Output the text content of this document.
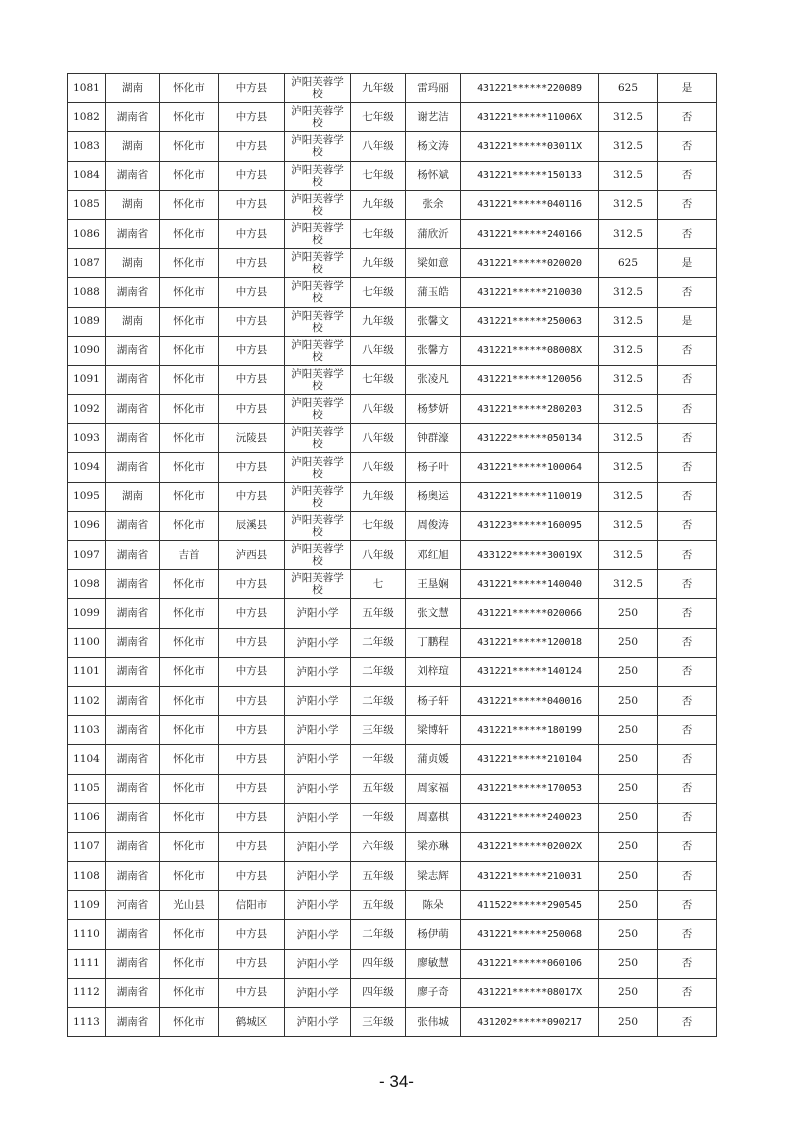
1081	湖南	怀化市	中方县	泸阳芙蓉学校	九年级	雷玛丽	431221******220089	625	是
1082	湖南省	怀化市	中方县	泸阳芙蓉学校	七年级	谢艺洁	431221******11006X	312.5	否
1083	湖南	怀化市	中方县	泸阳芙蓉学校	八年级	杨文涛	431221******03011X	312.5	否
1084	湖南省	怀化市	中方县	泸阳芙蓉学校	七年级	杨怀斌	431221******150133	312.5	否
1085	湖南	怀化市	中方县	泸阳芙蓉学校	九年级	张余	431221******040116	312.5	否
1086	湖南省	怀化市	中方县	泸阳芙蓉学校	七年级	蒲欣沂	431221******240166	312.5	否
1087	湖南	怀化市	中方县	泸阳芙蓉学校	九年级	梁如意	431221******020020	625	是
1088	湖南省	怀化市	中方县	泸阳芙蓉学校	七年级	蒲玉皓	431221******210030	312.5	否
1089	湖南	怀化市	中方县	泸阳芙蓉学校	九年级	张馨文	431221******250063	312.5	是
1090	湖南省	怀化市	中方县	泸阳芙蓉学校	八年级	张馨方	431221******08008X	312.5	否
1091	湖南省	怀化市	中方县	泸阳芙蓉学校	七年级	张凌凡	431221******120056	312.5	否
1092	湖南省	怀化市	中方县	泸阳芙蓉学校	八年级	杨梦妍	431221******280203	312.5	否
1093	湖南省	怀化市	沅陵县	泸阳芙蓉学校	八年级	钟群濠	431222******050134	312.5	否
1094	湖南省	怀化市	中方县	泸阳芙蓉学校	八年级	杨子叶	431221******100064	312.5	否
1095	湖南	怀化市	中方县	泸阳芙蓉学校	九年级	杨奥运	431221******110019	312.5	否
1096	湖南省	怀化市	辰溪县	泸阳芙蓉学校	七年级	周俊涛	431223******160095	312.5	否
1097	湖南省	吉首	泸西县	泸阳芙蓉学校	八年级	邓红旭	433122******30019X	312.5	否
1098	湖南省	怀化市	中方县	泸阳芙蓉学校	七	王垦娴	431221******140040	312.5	否
1099	湖南省	怀化市	中方县	泸阳小学	五年级	张文慧	431221******020066	250	否
1100	湖南省	怀化市	中方县	泸阳小学	二年级	丁鹏程	431221******120018	250	否
1101	湖南省	怀化市	中方县	泸阳小学	二年级	刘梓瑄	431221******140124	250	否
1102	湖南省	怀化市	中方县	泸阳小学	二年级	杨子轩	431221******040016	250	否
1103	湖南省	怀化市	中方县	泸阳小学	三年级	梁博轩	431221******180199	250	否
1104	湖南省	怀化市	中方县	泸阳小学	一年级	蒲贞媛	431221******210104	250	否
1105	湖南省	怀化市	中方县	泸阳小学	五年级	周家福	431221******170053	250	否
1106	湖南省	怀化市	中方县	泸阳小学	一年级	周嘉棋	431221******240023	250	否
1107	湖南省	怀化市	中方县	泸阳小学	六年级	梁亦琳	431221******02002X	250	否
1108	湖南省	怀化市	中方县	泸阳小学	五年级	梁志辉	431221******210031	250	否
1109	河南省	光山县	信阳市	泸阳小学	五年级	陈朵	411522******290545	250	否
1110	湖南省	怀化市	中方县	泸阳小学	二年级	杨伊萌	431221******250068	250	否
1111	湖南省	怀化市	中方县	泸阳小学	四年级	廖敏慧	431221******060106	250	否
1112	湖南省	怀化市	中方县	泸阳小学	四年级	廖子奇	431221******08017X	250	否
1113	湖南省	怀化市	鹤城区	泸阳小学	三年级	张伟城	431202******090217	250	否
- 34-
